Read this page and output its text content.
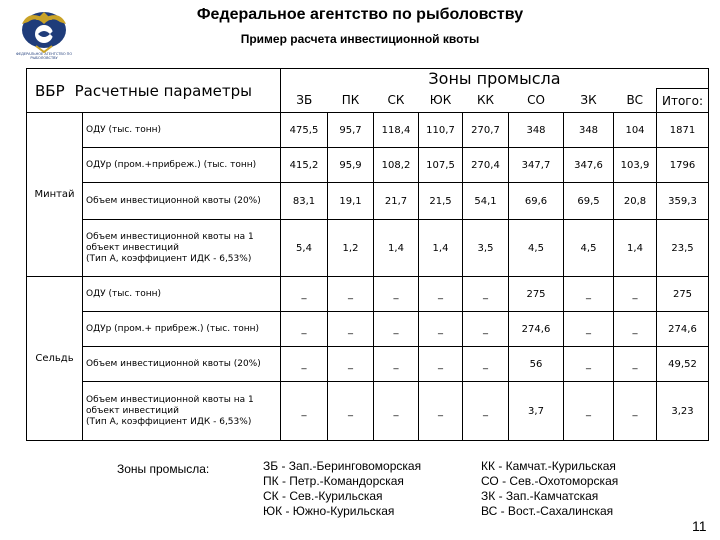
ФЕДЕРАЛЬНОЕ АГЕНТСТВО ПО РЫБОЛОВСТВУ
Федеральное агентство по рыболовству
Пример расчета инвестиционной квоты
ВБР Расчетные параметры		Зоны промысла								
		ЗБ	ПК	СК	ЮК	КК	СО	ЗК	ВС	Итого:
Минтай	ОДУ (тыс. тонн)	475,5	95,7	118,4	110,7	270,7	348	348	104	1871
	ОДУр (пром.+прибреж.) (тыс. тонн)	415,2	95,9	108,2	107,5	270,4	347,7	347,6	103,9	1796
	Объем инвестиционной квоты (20%)	83,1	19,1	21,7	21,5	54,1	69,6	69,5	20,8	359,3

	Объем инвестиционной квоты на 1
объект инвестиций
(Тип А, коэффициент ИДК - 6,53%)	5,4	1,2	1,4	1,4	3,5	4,5	4,5	1,4	23,5
Сельдь	ОДУ (тыс. тонн)	_	_	_	_	_	275	_	_	275
	ОДУр (пром.+ прибреж.) (тыс. тонн)	_	_	_	_	_	274,6	_	_	274,6
	Объем инвестиционной квоты (20%)	_	_	_	_	_	56	_	_	49,52

	Объем инвестиционной квоты на 1
объект инвестиций
(Тип А, коэффициент ИДК - 6,53%)	_	_	_	_	_	3,7	_	_	3,23
Зоны промысла:	ЗБ - Зап.-Беринговоморская
ПК - Петр.-Командорская
СК - Сев.-Курильская
ЮК - Южно-Курильская
КК - Камчат.-Курильская
СО - Сев.-Охотоморская
ЗК - Зап.-Камчатская
ВС - Вост.-Сахалинская
11
